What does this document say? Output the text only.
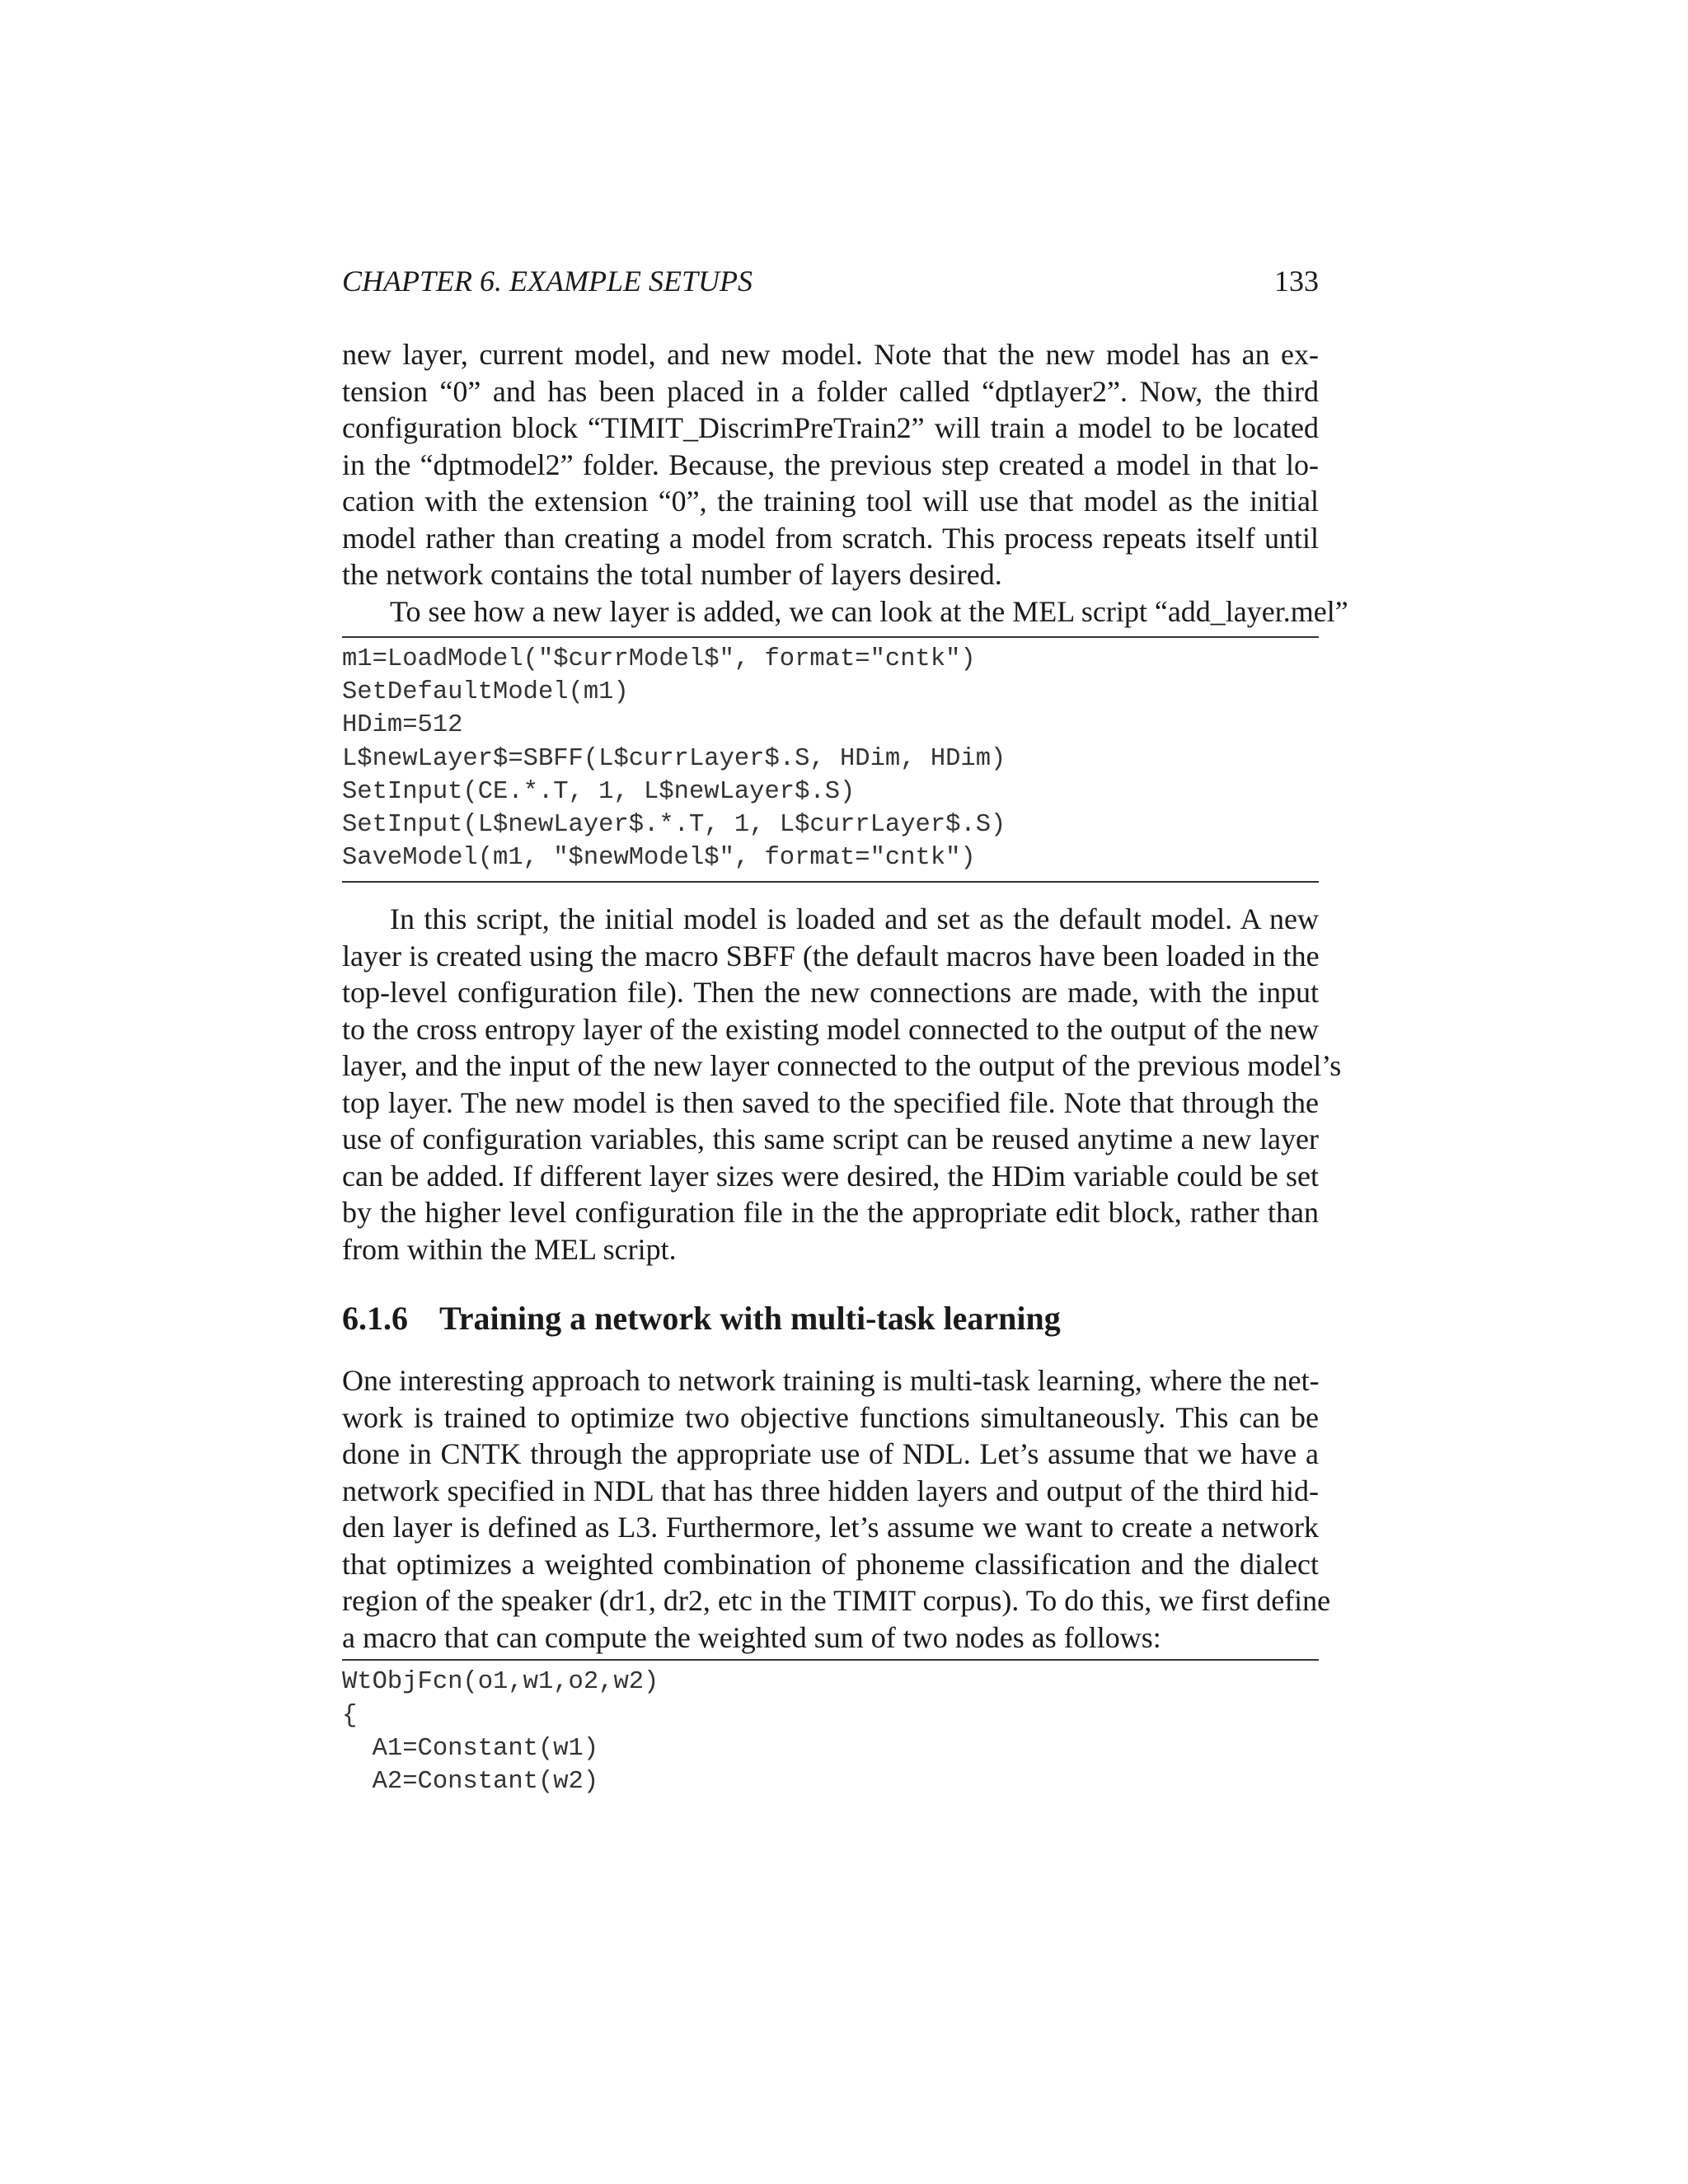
CHAPTER 6. EXAMPLE SETUPS	133

new layer, current model, and new model. Note that the new model has an ex-
tension “0” and has been placed in a folder called “dptlayer2”. Now, the third
configuration block “TIMIT_DiscrimPreTrain2” will train a model to be located
in the “dptmodel2” folder. Because, the previous step created a model in that lo-
cation with the extension “0”, the training tool will use that model as the initial
model rather than creating a model from scratch. This process repeats itself until
the network contains the total number of layers desired.

To see how a new layer is added, we can look at the MEL script “add_layer.mel”

m1=LoadModel("$currModel$", format="cntk")
SetDefaultModel(m1)
HDim=512
L$newLayer$=SBFF(L$currLayer$.S, HDim, HDim)
SetInput(CE.*.T, 1, L$newLayer$.S)
SetInput(L$newLayer$.*.T, 1, L$currLayer$.S)
SaveModel(m1, "$newModel$", format="cntk")

In this script, the initial model is loaded and set as the default model. A new
layer is created using the macro SBFF (the default macros have been loaded in the
top-level configuration file). Then the new connections are made, with the input
to the cross entropy layer of the existing model connected to the output of the new
layer, and the input of the new layer connected to the output of the previous model’s
top layer. The new model is then saved to the specified file. Note that through the
use of configuration variables, this same script can be reused anytime a new layer
can be added. If different layer sizes were desired, the HDim variable could be set
by the higher level configuration file in the the appropriate edit block, rather than
from within the MEL script.

6.1.6 Training a network with multi-task learning

One interesting approach to network training is multi-task learning, where the net-
work is trained to optimize two objective functions simultaneously. This can be
done in CNTK through the appropriate use of NDL. Let’s assume that we have a
network specified in NDL that has three hidden layers and output of the third hid-
den layer is defined as L3. Furthermore, let’s assume we want to create a network
that optimizes a weighted combination of phoneme classification and the dialect
region of the speaker (dr1, dr2, etc in the TIMIT corpus). To do this, we first define
a macro that can compute the weighted sum of two nodes as follows:

WtObjFcn(o1,w1,o2,w2)
{
A1=Constant(w1)
A2=Constant(w2)
